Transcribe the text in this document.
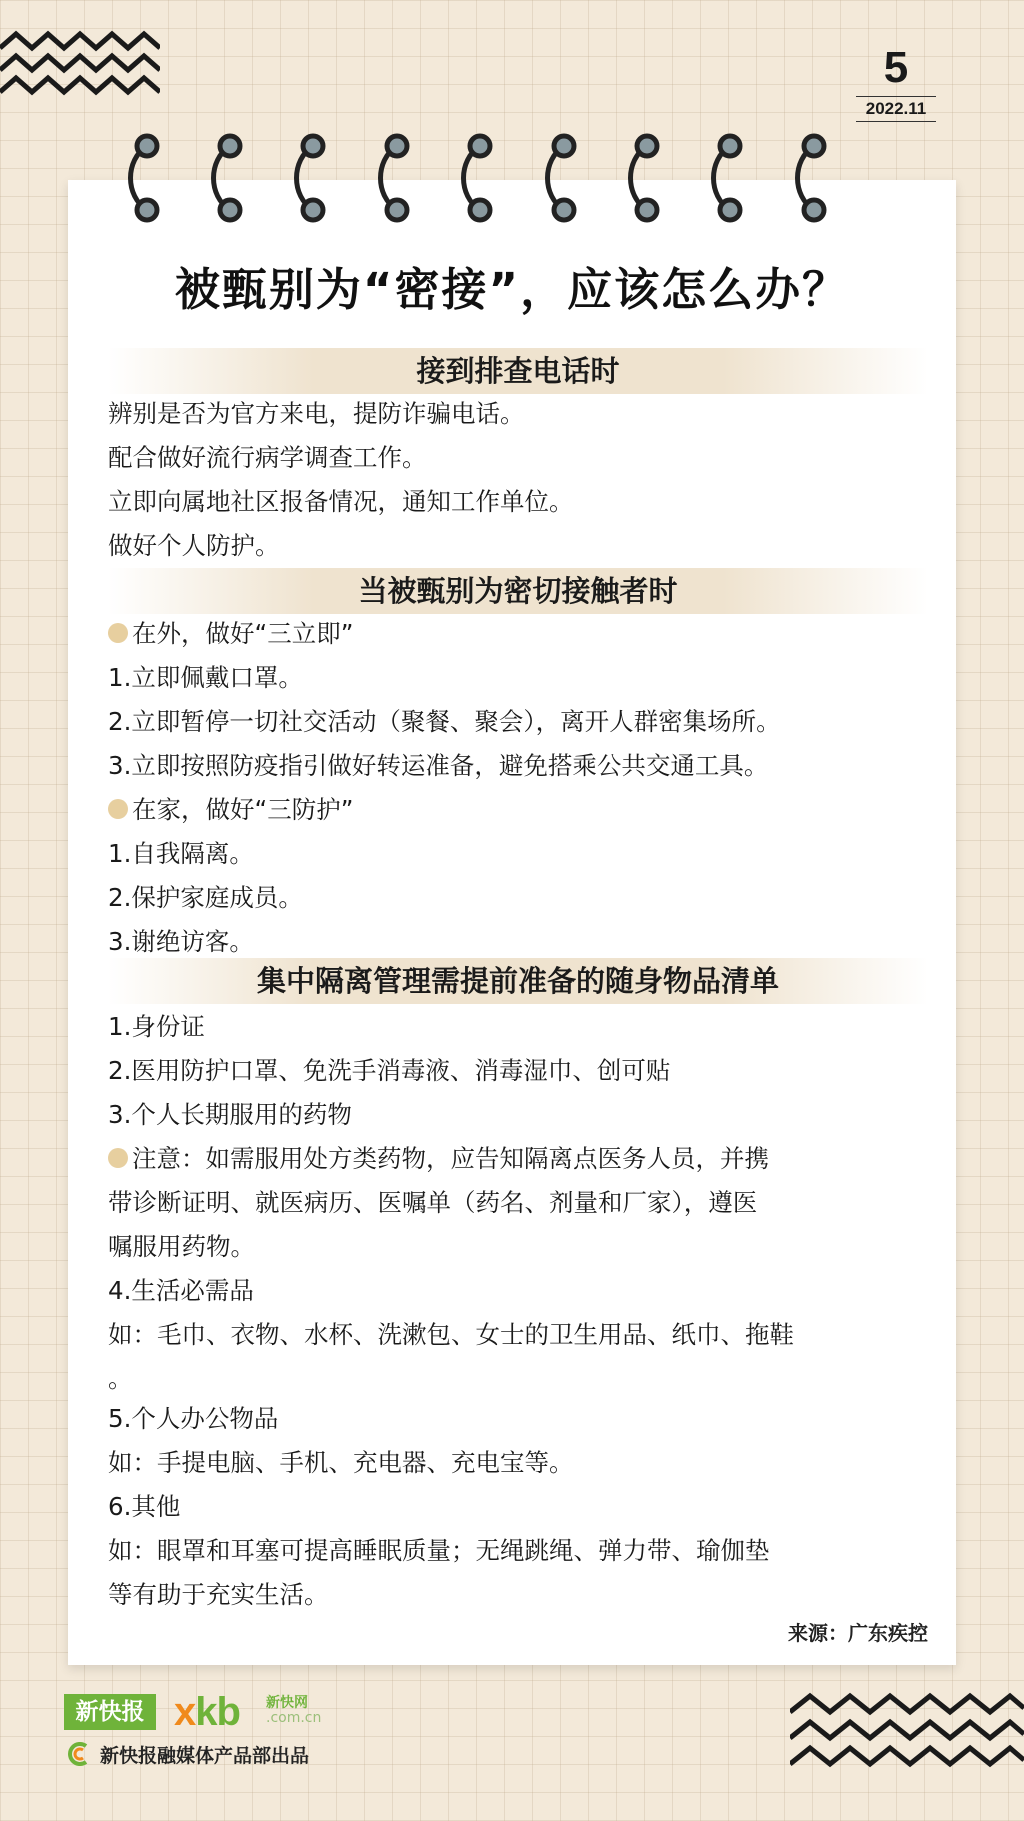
5
2022.11
被甄别为“密接”，应该怎么办？
接到排查电话时
辨别是否为官方来电，提防诈骗电话。
配合做好流行病学调查工作。
立即向属地社区报备情况，通知工作单位。
做好个人防护。
当被甄别为密切接触者时
在外，做好“三立即”
1.立即佩戴口罩。
2.立即暂停一切社交活动（聚餐、聚会），离开人群密集场所。
3.立即按照防疫指引做好转运准备，避免搭乘公共交通工具。
在家，做好“三防护”
1.自我隔离。
2.保护家庭成员。
3.谢绝访客。
集中隔离管理需提前准备的随身物品清单
1.身份证
2.医用防护口罩、免洗手消毒液、消毒湿巾、创可贴
3.个人长期服用的药物
注意：如需服用处方类药物，应告知隔离点医务人员，并携
带诊断证明、就医病历、医嘱单（药名、剂量和厂家），遵医
嘱服用药物。
4.生活必需品
如：毛巾、衣物、水杯、洗漱包、女士的卫生用品、纸巾、拖鞋
。
5.个人办公物品
如：手提电脑、手机、充电器、充电宝等。
6.其他
如：眼罩和耳塞可提高睡眠质量；无绳跳绳、弹力带、瑜伽垫
等有助于充实生活。
来源：广东疾控
新快报 xkb 新快网
.com.cn
新快报融媒体产品部出品
